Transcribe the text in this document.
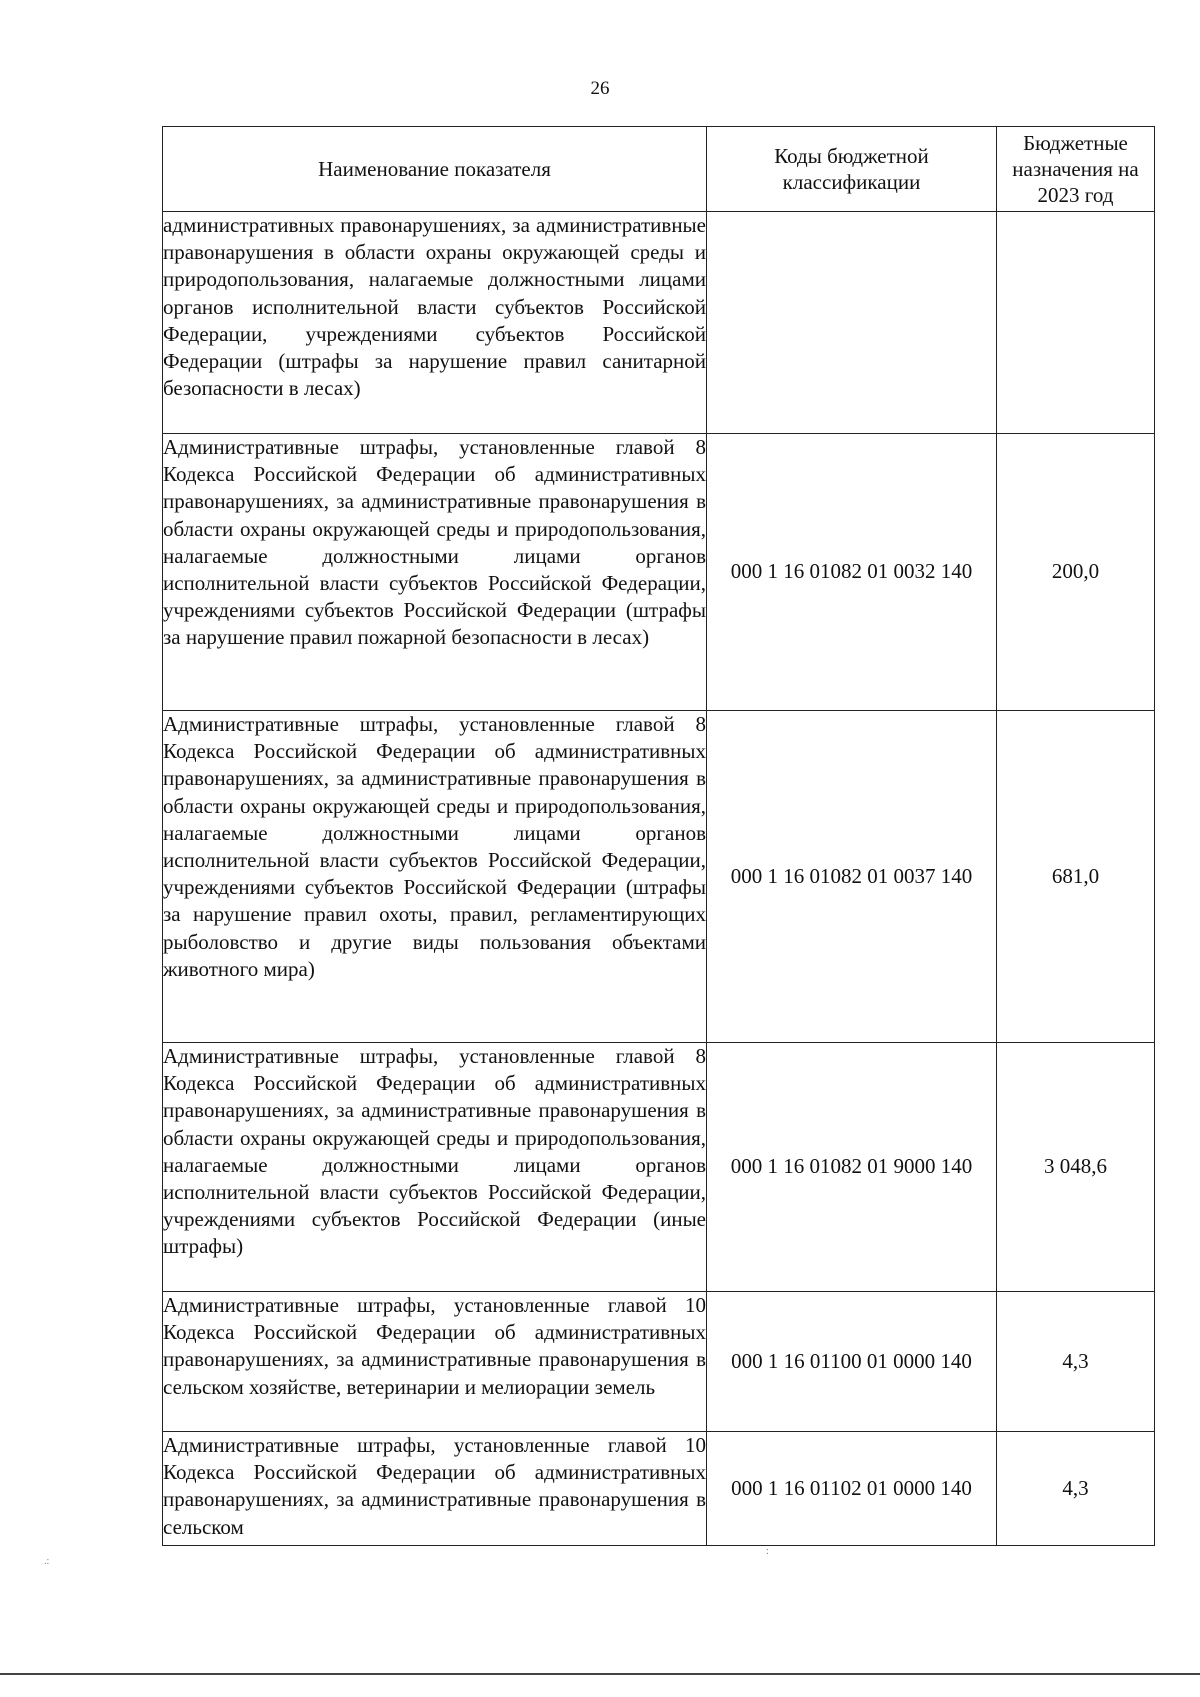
26
Наименование показателя	Коды бюджетной классификации	Бюджетные назначения на 2023 год

административных правонарушениях, за административные правонарушения в области охраны окружающей среды и природопользования, налагаемые должностными лицами органов исполнительной власти субъектов Российской Федерации, учреждениями субъектов Российской Федерации (штрафы за нарушение правил санитарной безопасности в лесах)		

Административные штрафы, установленные главой 8 Кодекса Российской Федерации об административных правонарушениях, за административные правонарушения в области охраны окружающей среды и природопользования, налагаемые должностными лицами органов исполнительной власти субъектов Российской Федерации, учреждениями субъектов Российской Федерации (штрафы за нарушение правил пожарной безопасности в лесах)	000 1 16 01082 01 0032 140	200,0

Административные штрафы, установленные главой 8 Кодекса Российской Федерации об административных правонарушениях, за административные правонарушения в области охраны окружающей среды и природопользования, налагаемые должностными лицами органов исполнительной власти субъектов Российской Федерации, учреждениями субъектов Российской Федерации (штрафы за нарушение правил охоты, правил, регламентирующих рыболовство и другие виды пользования объектами животного мира)	000 1 16 01082 01 0037 140	681,0

Административные штрафы, установленные главой 8 Кодекса Российской Федерации об административных правонарушениях, за административные правонарушения в области охраны окружающей среды и природопользования, налагаемые должностными лицами органов исполнительной власти субъектов Российской Федерации, учреждениями субъектов Российской Федерации (иные штрафы)	000 1 16 01082 01 9000 140	3 048,6

Административные штрафы, установленные главой 10 Кодекса Российской Федерации об административных правонарушениях, за административные правонарушения в сельском хозяйстве, ветеринарии и мелиорации земель	000 1 16 01100 01 0000 140	4,3

Административные штрафы, установленные главой 10 Кодекса Российской Федерации об административных правонарушениях, за административные правонарушения в сельском	000 1 16 01102 01 0000 140	4,3
.:
:
